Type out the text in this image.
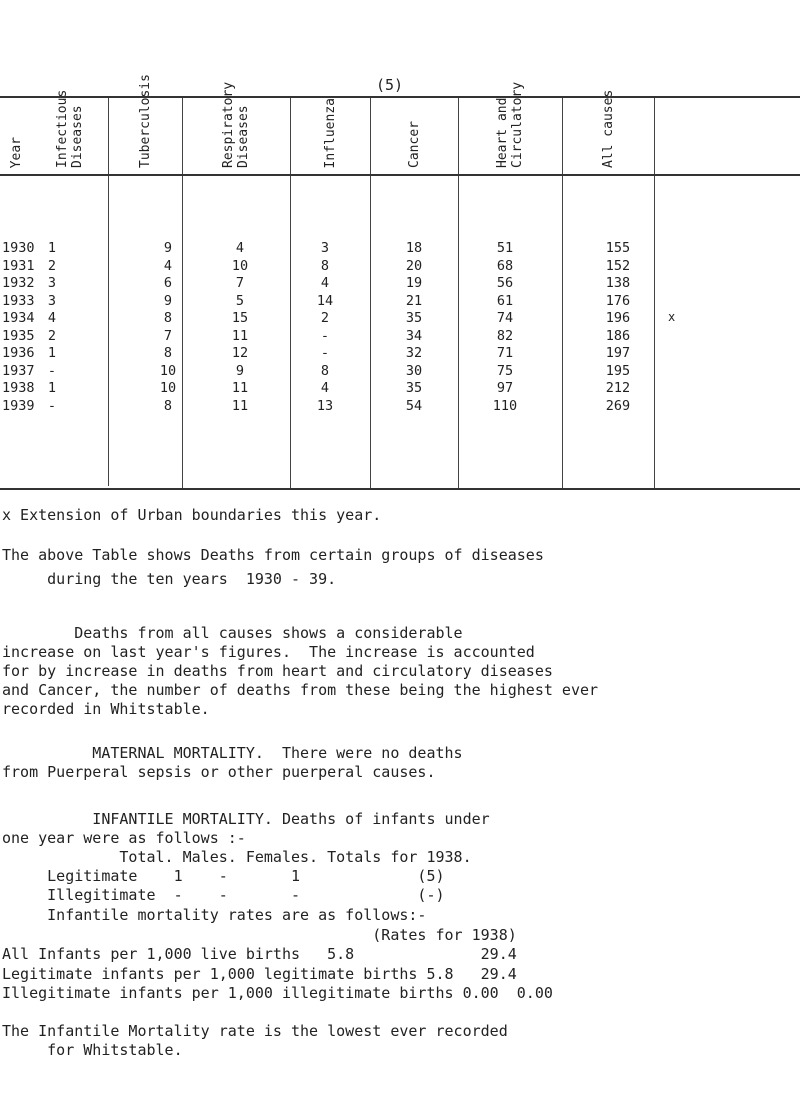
(5)
Year Infectious
Diseases	Tuberculosis	Respiratory
Diseases	Influenza	Cancer	Heart and
Circulatory	All causes
1930 1	9	4	3	18	51	155
1931 2	4	10	8	20	68	152
1932 3	6	7	4	19	56	138
1933 3	9	5	14	21	61	176
1934 4	8	15	2	35	74	196	x
1935 2	7	11	-	34	82	186
1936 1	8	12	-	32	71	197
1937 -	10	9	8	30	75	195
1938 1	10	11	4	35	97	212
1939 -	8	11	13	54	110	269
x Extension of Urban boundaries this year.
The above Table shows Deaths from certain groups of diseases
during the ten years  1930 - 39.
Deaths from all causes shows a considerable
increase on last year's figures.  The increase is accounted
for by increase in deaths from heart and circulatory diseases
and Cancer, the number of deaths from these being the highest ever
recorded in Whitstable.
MATERNAL MORTALITY.  There were no deaths
from Puerperal sepsis or other puerperal causes.
INFANTILE MORTALITY. Deaths of infants under
one year were as follows :-
Total. Males. Females. Totals for 1938.
Legitimate    1    -       1             (5)
Illegitimate  -    -       -             (-)
Infantile mortality rates are as follows:-
(Rates for 1938)
All Infants per 1,000 live births   5.8              29.4
Legitimate infants per 1,000 legitimate births 5.8   29.4
Illegitimate infants per 1,000 illegitimate births 0.00  0.00
The Infantile Mortality rate is the lowest ever recorded
for Whitstable.
